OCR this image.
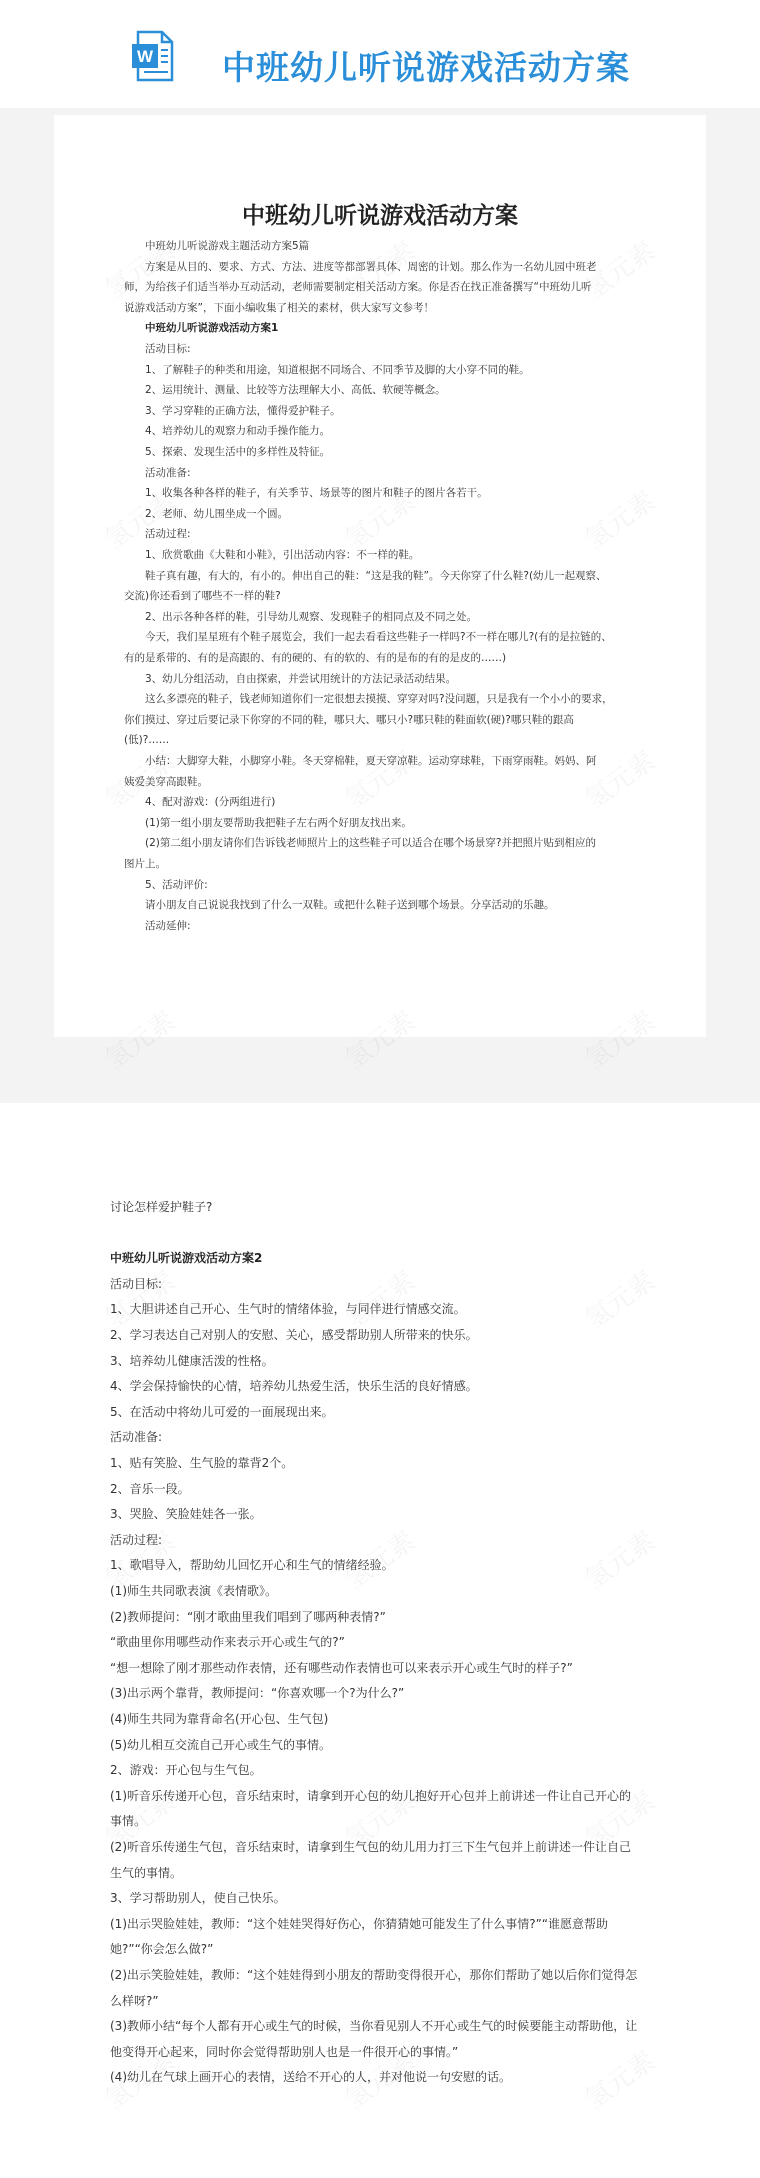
W 中班幼儿听说游戏活动方案
中班幼儿听说游戏活动方案
中班幼儿听说游戏主题活动方案5篇
方案是从目的、要求、方式、方法、进度等都部署具体、周密的计划。那么作为一名幼儿园中班老
师，为给孩子们适当举办互动活动，老师需要制定相关活动方案。你是否在找正准备撰写“中班幼儿听
说游戏活动方案”，下面小编收集了相关的素材，供大家写文参考！
中班幼儿听说游戏活动方案1
活动目标:
1、了解鞋子的种类和用途，知道根据不同场合、不同季节及脚的大小穿不同的鞋。
2、运用统计、测量、比较等方法理解大小、高低、软硬等概念。
3、学习穿鞋的正确方法，懂得爱护鞋子。
4、培养幼儿的观察力和动手操作能力。
5、探索、发现生活中的多样性及特征。
活动准备:
1、收集各种各样的鞋子，有关季节、场景等的图片和鞋子的图片各若干。
2、老师、幼儿围坐成一个圆。
活动过程:
1、欣赏歌曲《大鞋和小鞋》，引出活动内容：不一样的鞋。
鞋子真有趣，有大的，有小的。伸出自己的鞋：“这是我的鞋”。今天你穿了什么鞋?(幼儿一起观察、
交流)你还看到了哪些不一样的鞋?
2、出示各种各样的鞋，引导幼儿观察、发现鞋子的相同点及不同之处。
今天，我们星星班有个鞋子展览会，我们一起去看看这些鞋子一样吗?不一样在哪儿?(有的是拉链的、
有的是系带的、有的是高跟的、有的硬的、有的软的、有的是布的有的是皮的……)
3、幼儿分组活动，自由探索，并尝试用统计的方法记录活动结果。
这么多漂亮的鞋子，钱老师知道你们一定很想去摸摸、穿穿对吗?没问题，只是我有一个小小的要求，
你们摸过、穿过后要记录下你穿的不同的鞋，哪只大、哪只小?哪只鞋的鞋面软(硬)?哪只鞋的跟高
(低)?……
小结：大脚穿大鞋，小脚穿小鞋。冬天穿棉鞋，夏天穿凉鞋。运动穿球鞋，下雨穿雨鞋。妈妈、阿
姨爱美穿高跟鞋。
4、配对游戏：(分两组进行)
(1)第一组小朋友要帮助我把鞋子左右两个好朋友找出来。
(2)第二组小朋友请你们告诉钱老师照片上的这些鞋子可以适合在哪个场景穿?并把照片贴到相应的
图片上。
5、活动评价:
请小朋友自己说说我找到了什么一双鞋。或把什么鞋子送到哪个场景。分享活动的乐趣。
活动延伸:
讨论怎样爱护鞋子?
中班幼儿听说游戏活动方案2
活动目标:
1、大胆讲述自己开心、生气时的情绪体验，与同伴进行情感交流。
2、学习表达自己对别人的安慰、关心，感受帮助别人所带来的快乐。
3、培养幼儿健康活泼的性格。
4、学会保持愉快的心情，培养幼儿热爱生活，快乐生活的良好情感。
5、在活动中将幼儿可爱的一面展现出来。
活动准备:
1、贴有笑脸、生气脸的靠背2个。
2、音乐一段。
3、哭脸、笑脸娃娃各一张。
活动过程:
1、歌唱导入，帮助幼儿回忆开心和生气的情绪经验。
(1)师生共同歌表演《表情歌》。
(2)教师提问：“刚才歌曲里我们唱到了哪两种表情?”
“歌曲里你用哪些动作来表示开心或生气的?”
“想一想除了刚才那些动作表情，还有哪些动作表情也可以来表示开心或生气时的样子?”
(3)出示两个靠背，教师提问：“你喜欢哪一个?为什么?”
(4)师生共同为靠背命名(开心包、生气包)
(5)幼儿相互交流自己开心或生气的事情。
2、游戏：开心包与生气包。
(1)听音乐传递开心包，音乐结束时，请拿到开心包的幼儿抱好开心包并上前讲述一件让自己开心的
事情。
(2)听音乐传递生气包，音乐结束时，请拿到生气包的幼儿用力打三下生气包并上前讲述一件让自己
生气的事情。
3、学习帮助别人，使自己快乐。
(1)出示哭脸娃娃，教师：“这个娃娃哭得好伤心，你猜猜她可能发生了什么事情?”“谁愿意帮助
她?”“你会怎么做?”
(2)出示笑脸娃娃，教师：“这个娃娃得到小朋友的帮助变得很开心，那你们帮助了她以后你们觉得怎
么样呀?”
(3)教师小结“每个人都有开心或生气的时候，当你看见别人不开心或生气的时候要能主动帮助他，让
他变得开心起来，同时你会觉得帮助别人也是一件很开心的事情。”
(4)幼儿在气球上画开心的表情，送给不开心的人，并对他说一句安慰的话。
